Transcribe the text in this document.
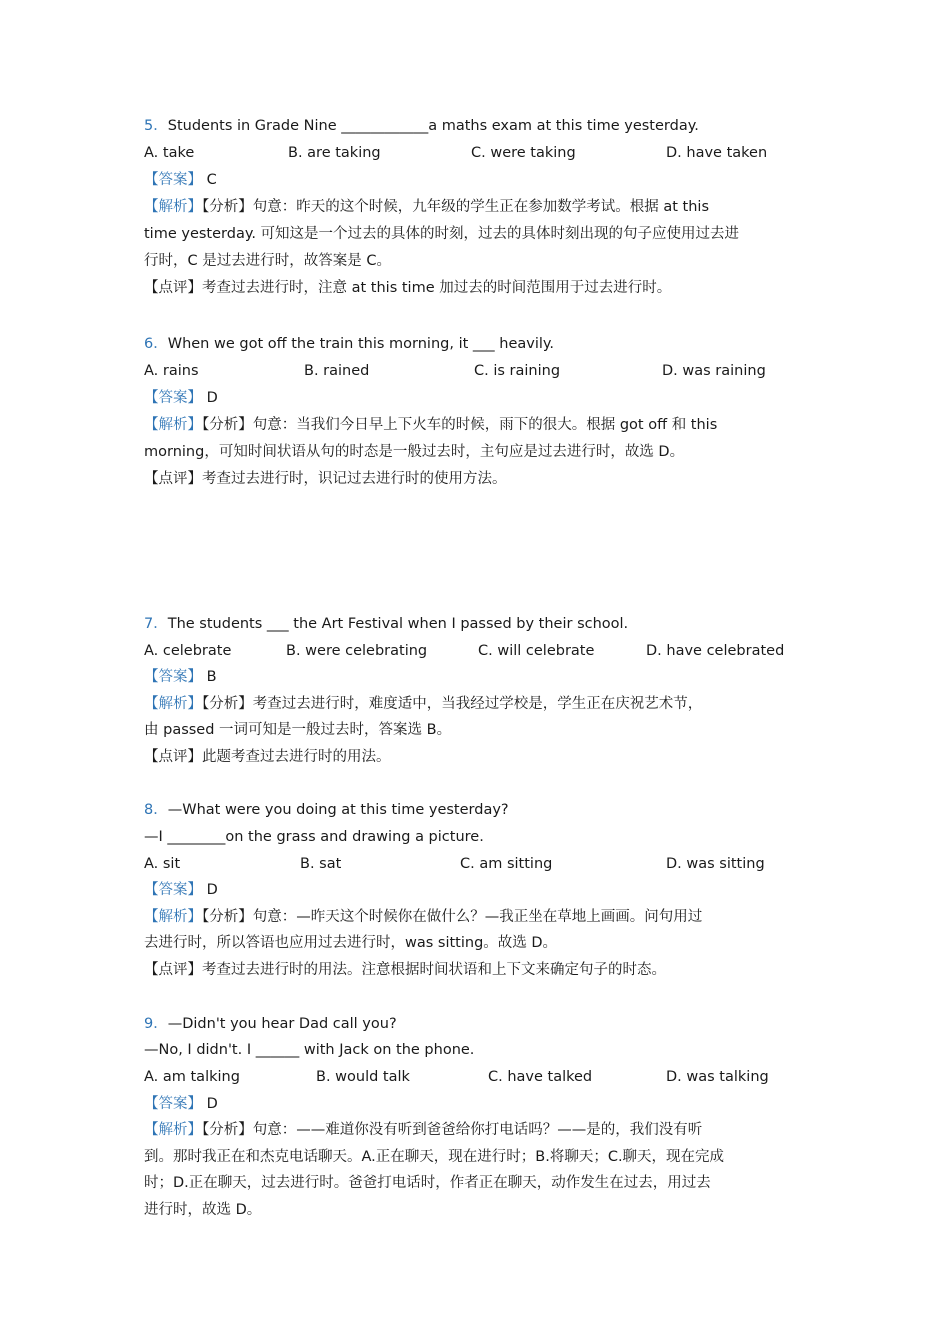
5．Students in Grade Nine ____________a maths exam at this time yesterday.
A. take	B. are taking	C. were taking	D. have taken
【答案】 C
【解析】【分析】句意：昨天的这个时候，九年级的学生正在参加数学考试。根据 at this
time yesterday. 可知这是一个过去的具体的时刻，过去的具体时刻出现的句子应使用过去进
行时，C 是过去进行时，故答案是 C。
【点评】考查过去进行时，注意 at this time 加过去的时间范围用于过去进行时。
6．When we got off the train this morning, it ___ heavily.
A. rains	B. rained	C. is raining	D. was raining
【答案】 D
【解析】【分析】句意：当我们今日早上下火车的时候，雨下的很大。根据 got off 和 this
morning，可知时间状语从句的时态是一般过去时，主句应是过去进行时，故选 D。
【点评】考查过去进行时，识记过去进行时的使用方法。
7．The students ___ the Art Festival when I passed by their school.
A. celebrate	B. were celebrating	C. will celebrate	D. have celebrated
【答案】 B
【解析】【分析】考查过去进行时，难度适中，当我经过学校是，学生正在庆祝艺术节，
由 passed 一词可知是一般过去时，答案选 B。
【点评】此题考查过去进行时的用法。
8．—What were you doing at this time yesterday?
—I ________on the grass and drawing a picture.
A. sit	B. sat	C. am sitting	D. was sitting
【答案】 D
【解析】【分析】句意：—昨天这个时候你在做什么？—我正坐在草地上画画。问句用过
去进行时，所以答语也应用过去进行时，was sitting。故选 D。
【点评】考查过去进行时的用法。注意根据时间状语和上下文来确定句子的时态。
9．—Didn't you hear Dad call you?
—No, I didn't. I ______ with Jack on the phone.
A. am talking	B. would talk	C. have talked	D. was talking
【答案】 D
【解析】【分析】句意：——难道你没有听到爸爸给你打电话吗？——是的，我们没有听
到。那时我正在和杰克电话聊天。A.正在聊天，现在进行时；B.将聊天；C.聊天，现在完成
时；D.正在聊天，过去进行时。爸爸打电话时，作者正在聊天，动作发生在过去，用过去
进行时，故选 D。
